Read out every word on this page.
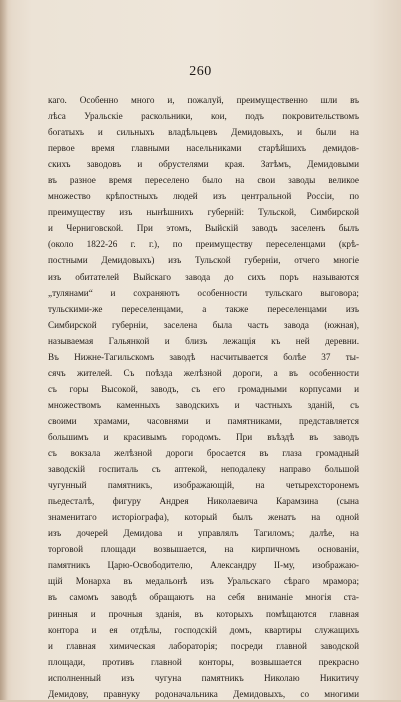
260
каго. Особенно много и, пожалуй, преимущественно шли въ
лѣса Уральскіе раскольники, кои, подъ покровительствомъ
богатыхъ и сильныхъ владѣльцевъ Демидовыхъ, и были на
первое время главными насельниками старѣйшихъ демидов-
скихъ заводовъ и обрустелями края. Затѣмъ, Демидовыми
въ разное время переселено было на свои заводы великое
множество крѣпостныхъ людей изъ центральной Россіи, по
преимуществу изъ нынѣшнихъ губерній: Тульской, Симбирской
и Черниговской. При этомъ, Выйскій заводъ заселенъ былъ
(около 1822-26 г. г.), по преимуществу переселенцами (крѣ-
постными Демидовыхъ) изъ Тульской губерніи, отчего многіе
изъ обитателей Выйскаго завода до сихъ поръ называются
„тулянами“ и сохраняютъ особенности тульскаго выговора;
тульскими-же переселенцами, а также переселенцами изъ
Симбирской губерніи, заселена была часть завода (южная),
называемая Гальянкой и близъ лежащія къ ней деревни.
Въ Нижне-Тагильскомъ заводѣ насчитывается болѣе 37 ты-
сячъ жителей. Съ поѣзда желѣзной дороги, а въ особенности
съ горы Высокой, заводъ, съ его громадными корпусами и
множествомъ каменныхъ заводскихъ и частныхъ зданій, съ
своими храмами, часовнями и памятниками, представляется
большимъ и красивымъ городомъ. При въѣздѣ въ заводъ
съ вокзала желѣзной дороги бросается въ глаза громадный
заводскій госпиталь съ аптекой, неподалеку направо большой
чугунный памятникъ, изображающій, на четырехсторонемъ
пьедесталѣ, фигуру Андрея Николаевича Карамзина (сына
знаменитаго исторіографа), который былъ женатъ на одной
изъ дочерей Демидова и управлялъ Тагиломъ; далѣе, на
торговой площади возвышается, на кирпичномъ основаніи,
памятникъ Царю-Освободителю, Александру II-му, изображаю-
щій Монарха въ медальонѣ изъ Уральскаго сѣраго мрамора;
въ самомъ заводѣ обращаютъ на себя вниманіе многія ста-
ринныя и прочныя зданія, въ которыхъ помѣщаются главная
контора и ея отдѣлы, господскій домъ, квартиры служащихъ
и главная химическая лабораторія; посреди главной заводской
площади, противъ главной конторы, возвышается прекрасно
исполненный изъ чугуна памятникъ Николаю Никитичу
Демидову, правнуку родоначальника Демидовыхъ, со многими
